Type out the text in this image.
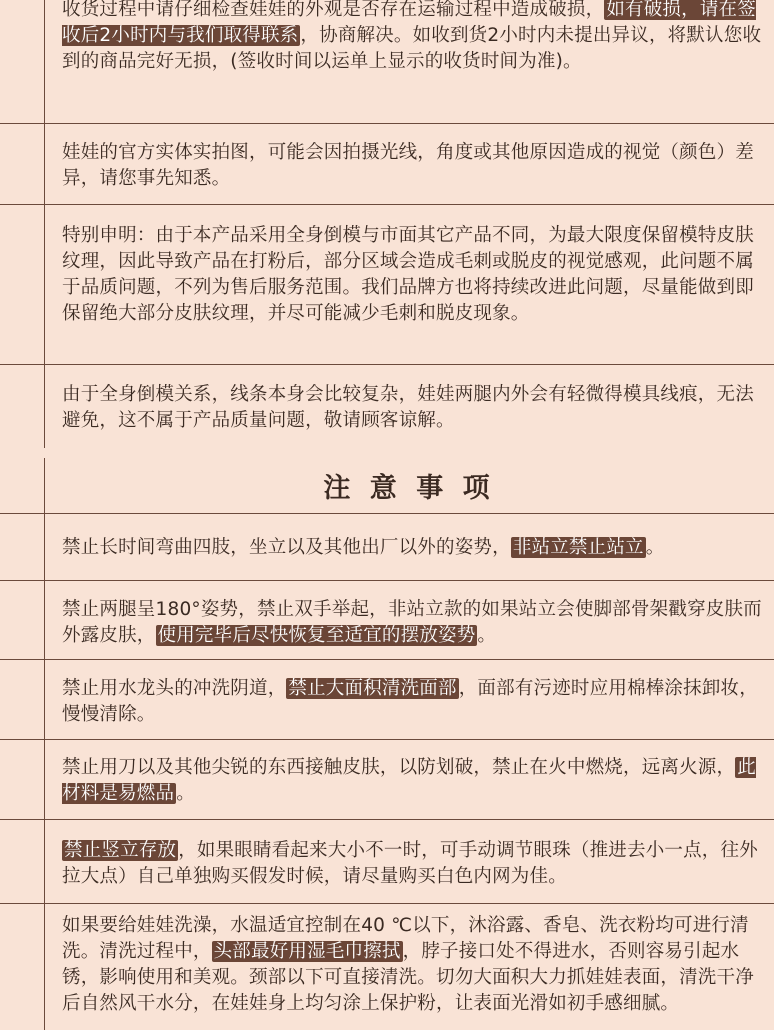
收货过程中请仔细检查娃娃的外观是否存在运输过程中造成破损， 如有破损，请在签收后2小时内与我们取得联系 ，协商解决。如收到货2小时内未提出异议，将默认您收到的商品完好无损，(签收时间以运单上显示的收货时间为准)。
娃娃的官方实体实拍图，可能会因拍摄光线，角度或其他原因造成的视觉（颜色）差异，请您事先知悉。
特别申明：由于本产品采用全身倒模与市面其它产品不同，为最大限度保留模特皮肤纹理，因此导致产品在打粉后，部分区域会造成毛刺或脱皮的视觉感观，此问题不属于品质问题，不列为售后服务范围。我们品牌方也将持续改进此问题，尽量能做到即保留绝大部分皮肤纹理，并尽可能减少毛刺和脱皮现象。
由于全身倒模关系，线条本身会比较复杂，娃娃两腿内外会有轻微得模具线痕，无法避免，这不属于产品质量问题，敬请顾客谅解。
注 意 事 项
禁止长时间弯曲四肢，坐立以及其他出厂以外的姿势， 非站立禁止站立 。
禁止两腿呈180°姿势，禁止双手举起，非站立款的如果站立会使脚部骨架戳穿皮肤而外露皮肤， 使用完毕后尽快恢复至适宜的摆放姿势 。
禁止用水龙头的冲洗阴道， 禁止大面积清洗面部 ，面部有污迹时应用棉棒涂抹卸妆，慢慢清除。
禁止用刀以及其他尖锐的东西接触皮肤，以防划破，禁止在火中燃烧，远离火源， 此材料是易燃品 。
禁止竖立存放 ，如果眼睛看起来大小不一时，可手动调节眼珠（推进去小一点，往外拉大点）自己单独购买假发时候，请尽量购买白色内网为佳。
如果要给娃娃洗澡，水温适宜控制在40 ℃以下，沐浴露、香皂、洗衣粉均可进行清洗。清洗过程中， 头部最好用湿毛巾擦拭 ，脖子接口处不得进水，否则容易引起水锈，影响使用和美观。颈部以下可直接清洗。切勿大面积大力抓娃娃表面，清洗干净后自然风干水分，在娃娃身上均匀涂上保护粉，让表面光滑如初手感细腻。
